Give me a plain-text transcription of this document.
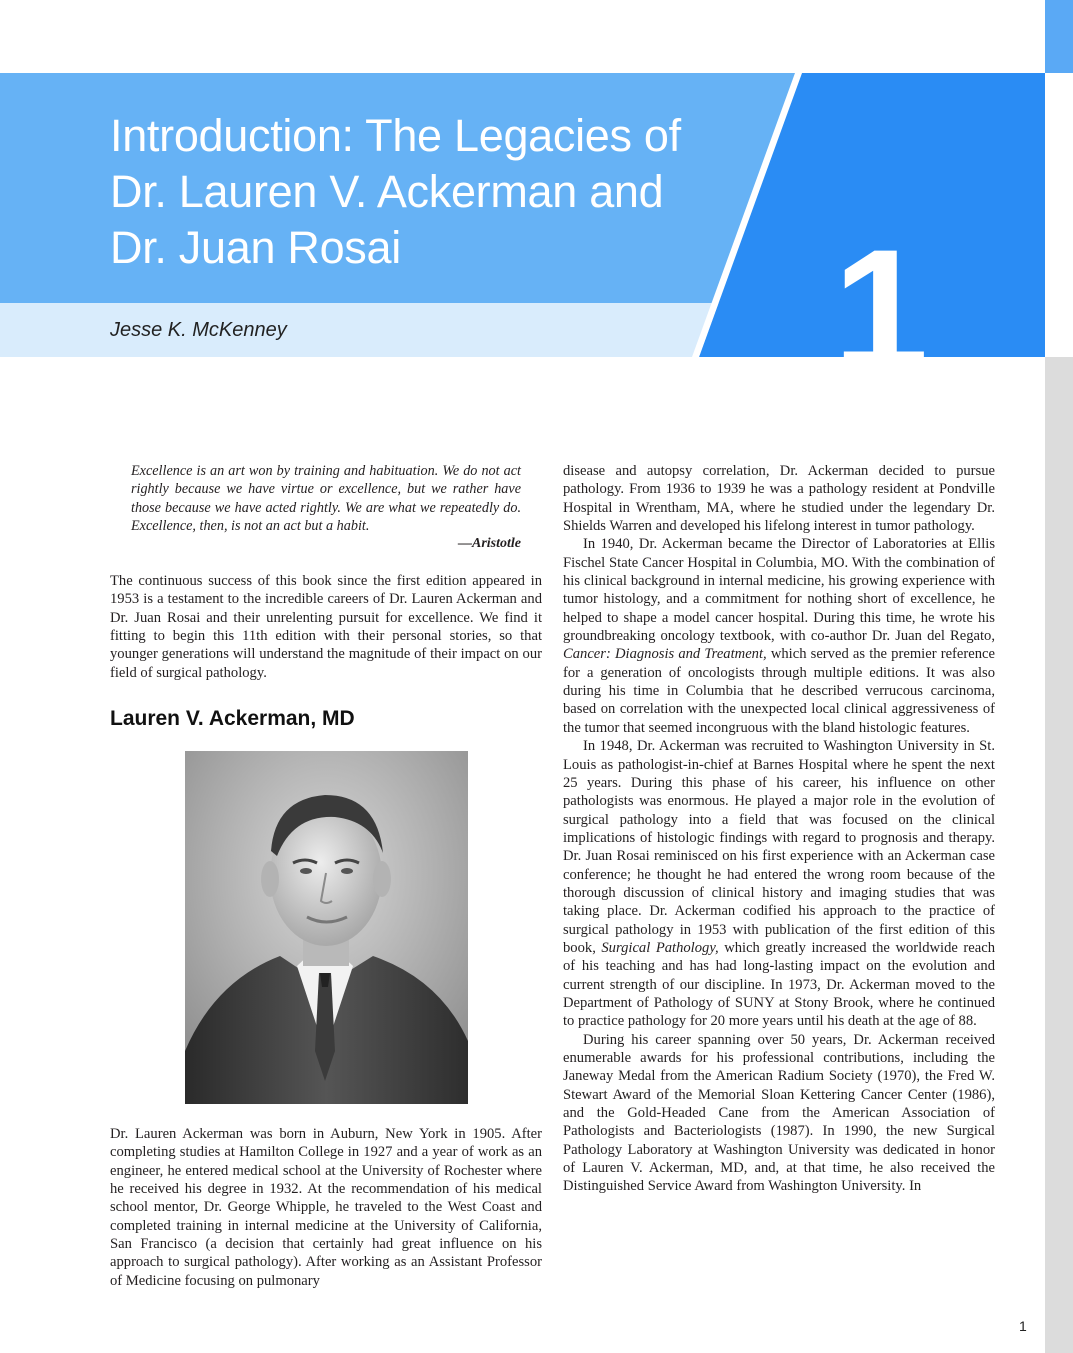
Introduction: The Legacies of Dr. Lauren V. Ackerman and Dr. Juan Rosai

Jesse K. McKenney	1

Excellence is an art won by training and habituation. We do not act rightly because we have virtue or excellence, but we rather have those because we have acted rightly. We are what we repeatedly do. Excellence, then, is not an act but a habit.

—Aristotle

The continuous success of this book since the first edition appeared in 1953 is a testament to the incredible careers of Dr. Lauren Ackerman and Dr. Juan Rosai and their unrelenting pursuit for excellence. We find it fitting to begin this 11th edition with their personal stories, so that younger generations will understand the magnitude of their impact on our field of surgical pathology.

Lauren V. Ackerman, MD

Dr. Lauren Ackerman was born in Auburn, New York in 1905. After completing studies at Hamilton College in 1927 and a year of work as an engineer, he entered medical school at the University of Rochester where he received his degree in 1932. At the recommendation of his medical school mentor, Dr. George Whipple, he traveled to the West Coast and completed training in internal medicine at the University of California, San Francisco (a decision that certainly had great influence on his approach to surgical pathology). After working as an Assistant Professor of Medicine focusing on pulmonary

disease and autopsy correlation, Dr. Ackerman decided to pursue pathology. From 1936 to 1939 he was a pathology resident at Pondville Hospital in Wrentham, MA, where he studied under the legendary Dr. Shields Warren and developed his lifelong interest in tumor pathology.

In 1940, Dr. Ackerman became the Director of Laboratories at Ellis Fischel State Cancer Hospital in Columbia, MO. With the combination of his clinical background in internal medicine, his growing experience with tumor histology, and a commitment for nothing short of excellence, he helped to shape a model cancer hospital. During this time, he wrote his groundbreaking oncology textbook, with co-author Dr. Juan del Regato, Cancer: Diagnosis and Treatment, which served as the premier reference for a generation of oncologists through multiple editions. It was also during his time in Columbia that he described verrucous carcinoma, based on correlation with the unexpected local clinical aggressiveness of the tumor that seemed incongruous with the bland histologic features.

In 1948, Dr. Ackerman was recruited to Washington University in St. Louis as pathologist-in-chief at Barnes Hospital where he spent the next 25 years. During this phase of his career, his influence on other pathologists was enormous. He played a major role in the evolution of surgical pathology into a field that was focused on the clinical implications of histologic findings with regard to prognosis and therapy. Dr. Juan Rosai reminisced on his first experience with an Ackerman case conference; he thought he had entered the wrong room because of the thorough discussion of clinical history and imaging studies that was taking place. Dr. Ackerman codified his approach to the practice of surgical pathology in 1953 with publication of the first edition of this book, Surgical Pathology, which greatly increased the worldwide reach of his teaching and has had long-lasting impact on the evolution and current strength of our discipline. In 1973, Dr. Ackerman moved to the Department of Pathology of SUNY at Stony Brook, where he continued to practice pathology for 20 more years until his death at the age of 88.

During his career spanning over 50 years, Dr. Ackerman received enumerable awards for his professional contributions, including the Janeway Medal from the American Radium Society (1970), the Fred W. Stewart Award of the Memorial Sloan Kettering Cancer Center (1986), and the Gold-Headed Cane from the American Association of Pathologists and Bacteriologists (1987). In 1990, the new Surgical Pathology Laboratory at Washington University was dedicated in honor of Lauren V. Ackerman, MD, and, at that time, he also received the Distinguished Service Award from Washington University. In

1
